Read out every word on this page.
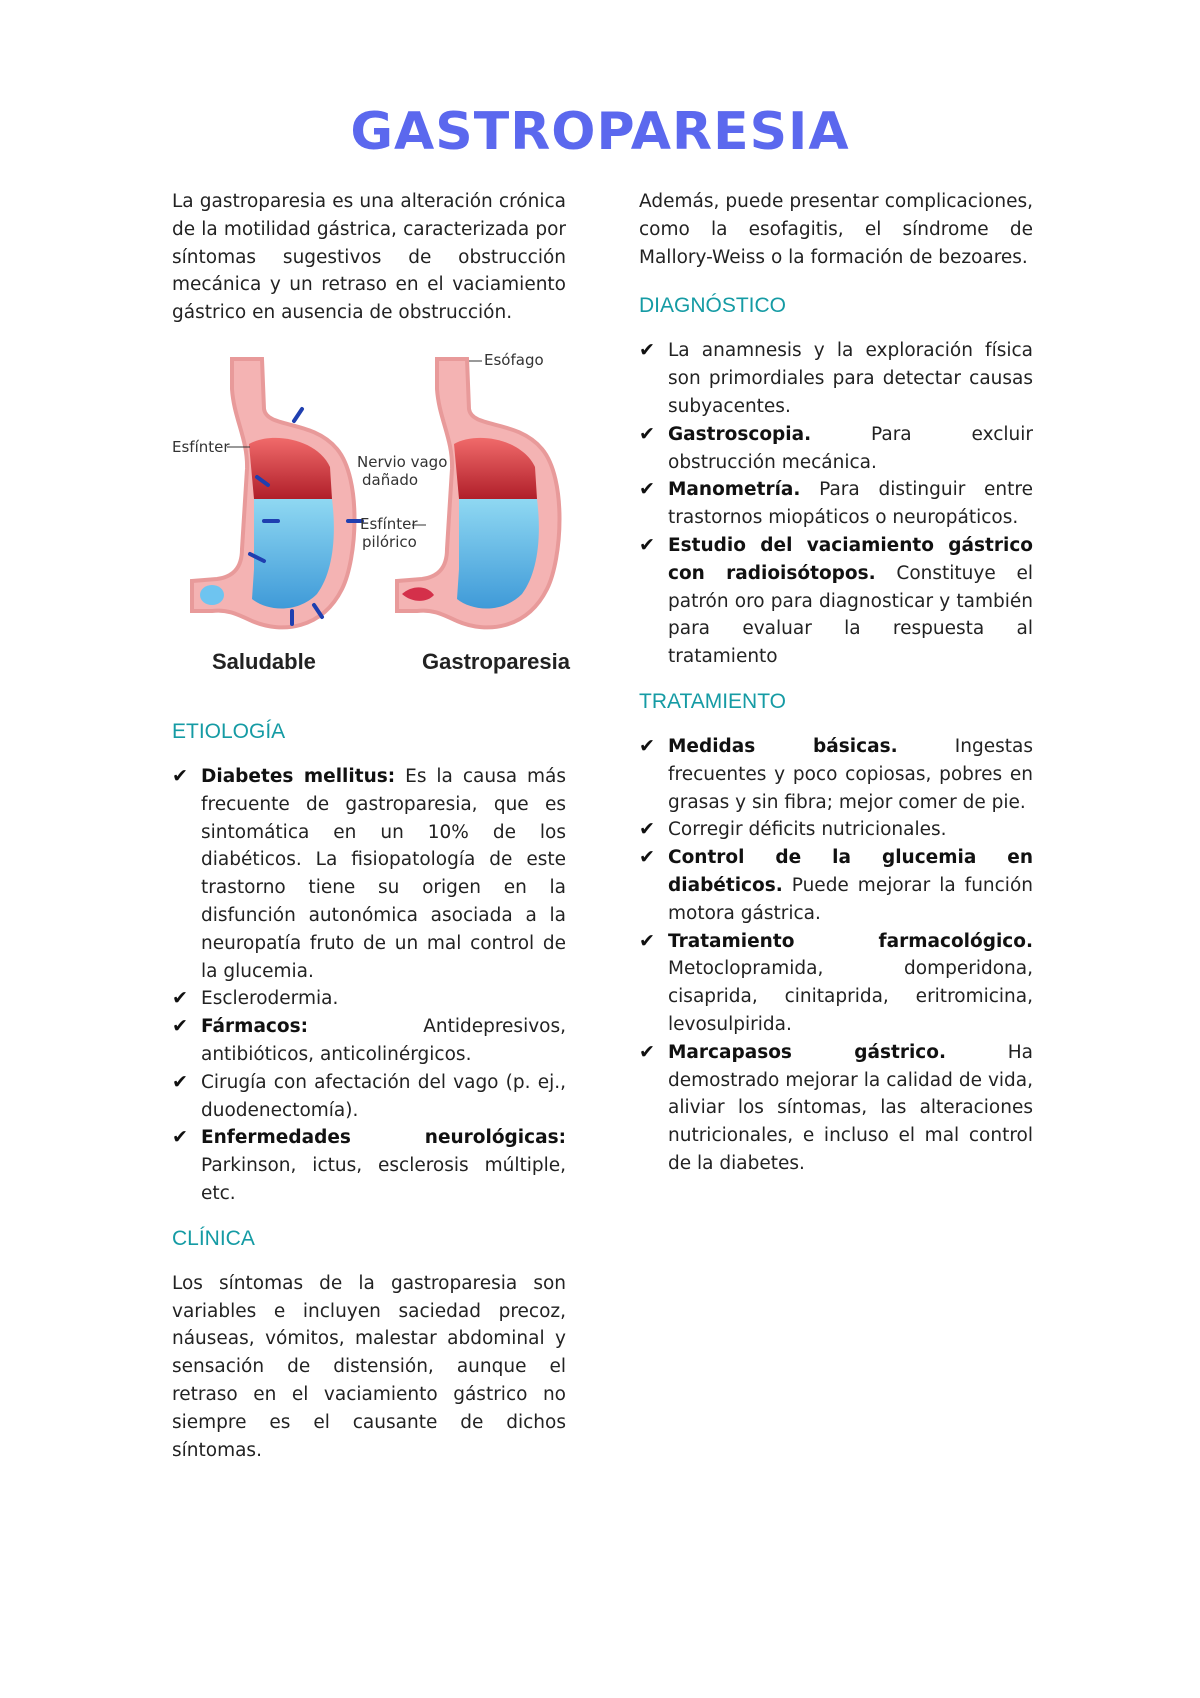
GASTROPARESIA

La gastroparesia es una alteración crónica de la motilidad gástrica, caracterizada por síntomas sugestivos de obstrucción mecánica y un retraso en el vaciamiento gástrico en ausencia de obstrucción.

Esfínter
Esófago
Nervio vago
dañado
Esfínter
pilórico
Saludable	Gastroparesia
ETIOLOGÍA
✔ Diabetes mellitus: Es la causa más frecuente de gastroparesia, que es sintomática en un 10% de los diabéticos. La fisiopatología de este trastorno tiene su origen en la disfunción autonómica asociada a la neuropatía fruto de un mal control de la glucemia.
✔ Esclerodermia.
✔ Fármacos: Antidepresivos, antibióticos, anticolinérgicos.
✔ Cirugía con afectación del vago (p. ej., duodenectomía).
✔ Enfermedades neurológicas: Parkinson, ictus, esclerosis múltiple, etc.
CLÍNICA

Los síntomas de la gastroparesia son variables e incluyen saciedad precoz, náuseas, vómitos, malestar abdominal y sensación de distensión, aunque el retraso en el vaciamiento gástrico no siempre es el causante de dichos síntomas.

Además, puede presentar complicaciones, como la esofagitis, el síndrome de Mallory-Weiss o la formación de bezoares.

DIAGNÓSTICO
✔ La anamnesis y la exploración física son primordiales para detectar causas subyacentes.
✔ Gastroscopia. Para excluir obstrucción mecánica.
✔ Manometría. Para distinguir entre trastornos miopáticos o neuropáticos.
✔ Estudio del vaciamiento gástrico con radioisótopos. Constituye el patrón oro para diagnosticar y también para evaluar la respuesta al tratamiento
TRATAMIENTO
✔ Medidas básicas. Ingestas frecuentes y poco copiosas, pobres en grasas y sin fibra; mejor comer de pie.
✔ Corregir déficits nutricionales.
✔ Control de la glucemia en diabéticos. Puede mejorar la función motora gástrica.
✔ Tratamiento farmacológico. Metoclopramida, domperidona, cisaprida, cinitaprida, eritromicina, levosulpirida.
✔ Marcapasos gástrico. Ha demostrado mejorar la calidad de vida, aliviar los síntomas, las alteraciones nutricionales, e incluso el mal control de la diabetes.
